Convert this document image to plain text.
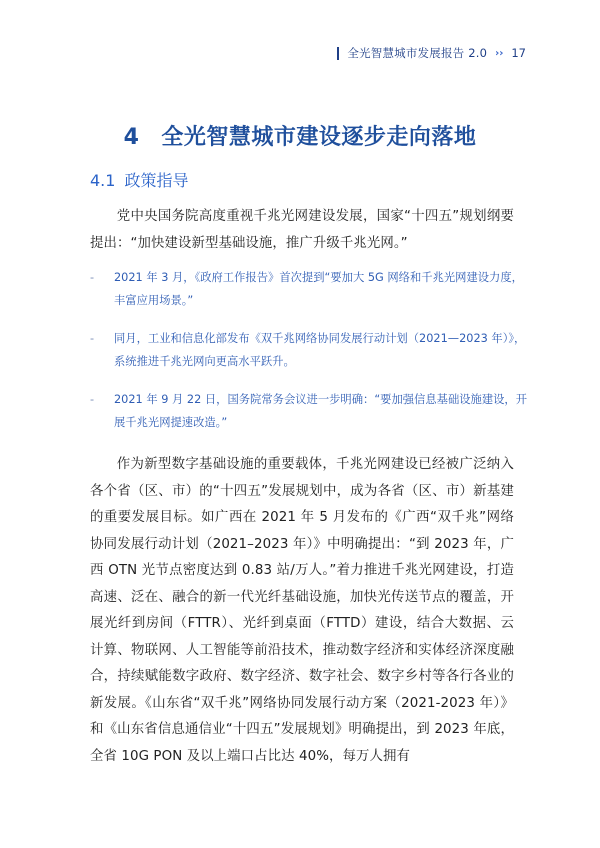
全光智慧城市发展报告 2.0 ›› 17
4 全光智慧城市建设逐步走向落地
4.1 政策指导
党中央国务院高度重视千兆光网建设发展，国家“十四五”规划纲要提出：“加快建设新型基础设施，推广升级千兆光网。”
- 2021 年 3 月，《政府工作报告》首次提到“要加大 5G 网络和千兆光网建设力度，丰富应用场景。”
- 同月，工业和信息化部发布《双千兆网络协同发展行动计划（2021—2023 年）》，系统推进千兆光网向更高水平跃升。
- 2021 年 9 月 22 日，国务院常务会议进一步明确：“要加强信息基础设施建设，开展千兆光网提速改造。”
作为新型数字基础设施的重要载体，千兆光网建设已经被广泛纳入各个省（区、市）的“十四五”发展规划中，成为各省（区、市）新基建的重要发展目标。如广西在 2021 年 5 月发布的《广西“双千兆”网络协同发展行动计划（2021–2023 年）》中明确提出：“到 2023 年，广西 OTN 光节点密度达到 0.83 站/万人。”着力推进千兆光网建设，打造高速、泛在、融合的新一代光纤基础设施，加快光传送节点的覆盖，开展光纤到房间（FTTR）、光纤到桌面（FTTD）建设，结合大数据、云计算、物联网、人工智能等前沿技术，推动数字经济和实体经济深度融合，持续赋能数字政府、数字经济、数字社会、数字乡村等各行各业的新发展。《山东省“双千兆”网络协同发展行动方案（2021-2023 年）》和《山东省信息通信业“十四五”发展规划》明确提出，到 2023 年底，全省 10G PON 及以上端口占比达 40%，每万人拥有
